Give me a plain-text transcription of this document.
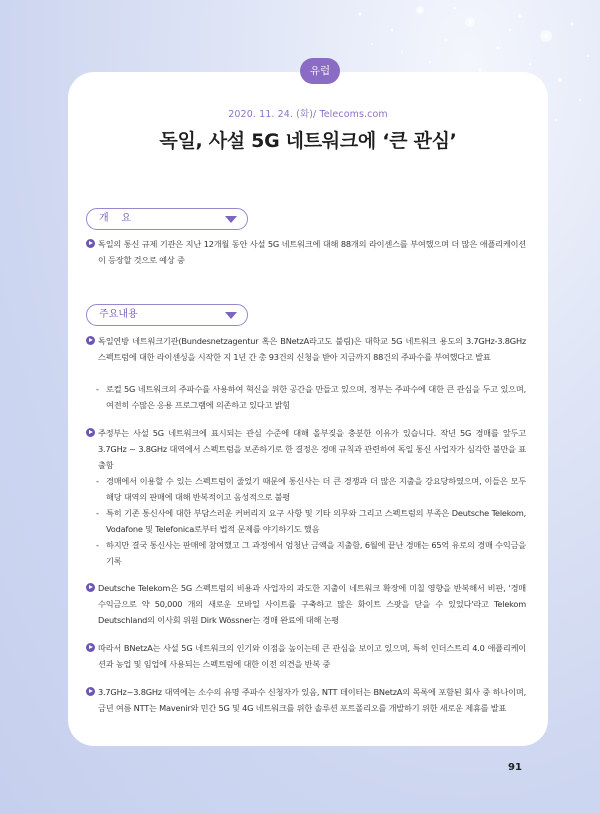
유럽
2020. 11. 24. (화)/ Telecoms.com
독일, 사설 5G 네트워크에 ‘큰 관심’
개    요
독일의 통신 규제 기관은 지난 12개월 동안 사설 5G 네트워크에 대해 88개의 라이센스를 부여했으며 더 많은 애플리케이션이 등장할 것으로 예상 중
주요내용
독일연방 네트워크기관(Bundesnetzagentur 혹은 BNetzA라고도 불림)은 대학교 5G 네트워크 용도의 3.7GHz-3.8GHz 스펙트럼에 대한 라이센싱을 시작한 지 1년 간 총 93건의 신청을 받아 지금까지 88건의 주파수를 부여했다고 발표
- 로컬 5G 네트워크의 주파수를 사용하여 혁신을 위한 공간을 만들고 있으며, 정부는 주파수에 대한 큰 관심을 두고 있으며, 여전히 수많은 응용 프로그램에 의존하고 있다고 밝힘
주정부는 사설 5G 네트워크에 표시되는 관심 수준에 대해 올부짖을 충분한 이유가 있습니다. 작년 5G 경매를 앞두고 3.7GHz ~ 3.8GHz 대역에서 스펙트럼을 보존하기로 한 결정은 경매 규칙과 관련하여 독일 통신 사업자가 심각한 불만을 표출함
- 경매에서 이용할 수 있는 스펙트럼이 줄었기 때문에 통신사는 더 큰 경쟁과 더 많은 지출을 강요당하였으며, 이들은 모두 해당 대역의 판매에 대해 반복적이고 음성적으로 불평
- 특히 기존 통신사에 대한 부담스러운 커버리지 요구 사항 및 기타 의무와 그리고 스펙트럼의 부족은 Deutsche Telekom, Vodafone 및 Telefonica로부터 법적 문제를 야기하기도 했음
- 하지만 결국 통신사는 판매에 참여했고 그 과정에서 엄청난 금액을 지출함, 6월에 끝난 경매는 65억 유로의 경매 수익금을 기록
Deutsche Telekom은 5G 스펙트럼의 비용과 사업자의 과도한 지출이 네트워크 확장에 미칠 영향을 반복해서 비판, '경매 수익금으로 약 50,000 개의 새로운 모바일 사이트를 구축하고 많은 화이트 스팟을 닫을 수 있었다'라고 Telekom Deutschland의 이사회 위원 Dirk Wössner는 경매 완료에 대해 논평
따라서 BNetzA는 사설 5G 네트워크의 인기와 이점을 높이는데 큰 관심을 보이고 있으며, 특히 인더스트리 4.0 애플리케이션과 농업 및 임업에 사용되는 스펙트럼에 대한 이전 의견을 반복 중
3.7GHz~3.8GHz 대역에는 소수의 유명 주파수 신청자가 있음, NTT 데이터는 BNetzA의 목록에 포함된 회사 중 하나이며, 금년 여름 NTT는 Mavenir와 민간 5G 및 4G 네트워크를 위한 솔루션 포트폴리오를 개발하기 위한 새로운 제휴를 발표
91
